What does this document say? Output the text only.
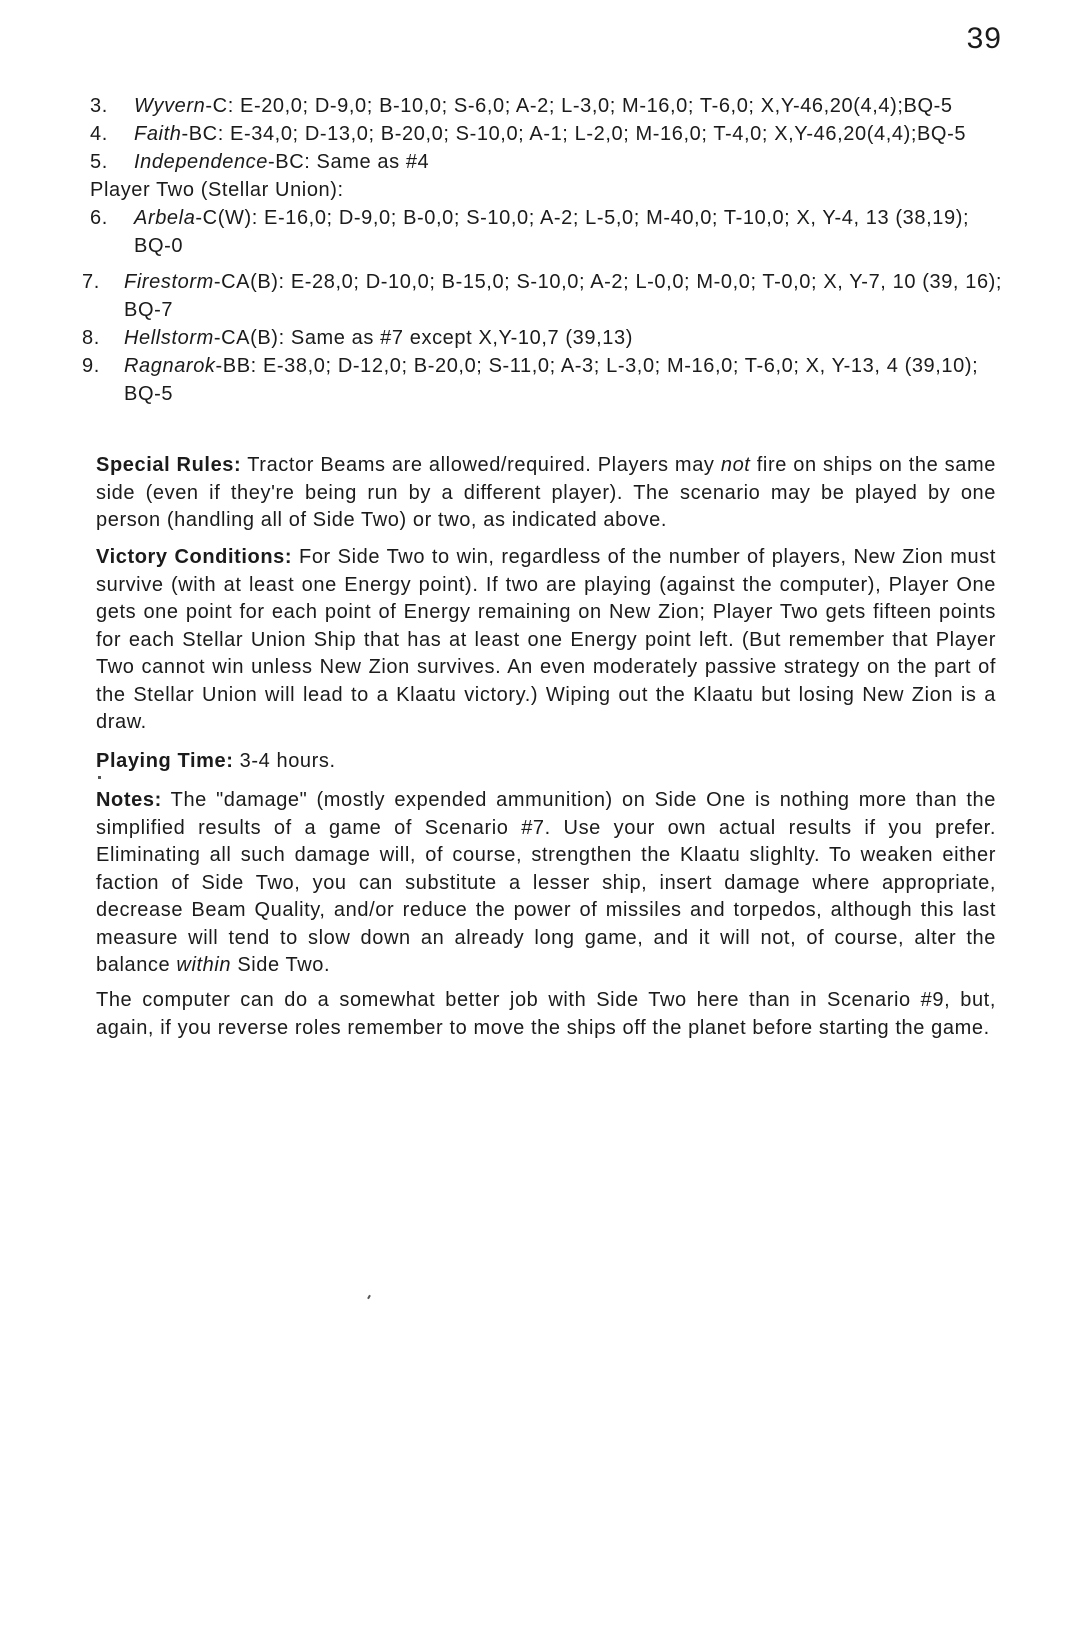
39
3.	Wyvern-C: E-20,0; D-9,0; B-10,0; S-6,0; A-2; L-3,0; M-16,0; T-6,0; X,Y-46,20(4,4);BQ-5
4.	Faith-BC: E-34,0; D-13,0; B-20,0; S-10,0; A-1; L-2,0; M-16,0; T-4,0; X,Y-46,20(4,4);BQ-5
5.	Independence-BC: Same as #4

Player Two (Stellar Union):

6.	Arbela-C(W): E-16,0; D-9,0; B-0,0; S-10,0; A-2; L-5,0; M-40,0; T-10,0; X, Y-4, 13 (38,19); BQ-0
7.	Firestorm-CA(B): E-28,0; D-10,0; B-15,0; S-10,0; A-2; L-0,0; M-0,0; T-0,0; X, Y-7, 10 (39, 16); BQ-7
8.	Hellstorm-CA(B): Same as #7 except X,Y-10,7 (39,13)
9.	Ragnarok-BB: E-38,0; D-12,0; B-20,0; S-11,0; A-3; L-3,0; M-16,0; T-6,0; X, Y-13, 4 (39,10); BQ-5

Special Rules: Tractor Beams are allowed/required. Players may not fire on ships on the same side (even if they're being run by a different player). The scenario may be played by one person (handling all of Side Two) or two, as indicated above.

Victory Conditions: For Side Two to win, regardless of the number of players, New Zion must survive (with at least one Energy point). If two are playing (against the computer), Player One gets one point for each point of Energy remaining on New Zion; Player Two gets fifteen points for each Stellar Union Ship that has at least one Energy point left. (But remember that Player Two cannot win unless New Zion survives. An even moderately passive strategy on the part of the Stellar Union will lead to a Klaatu victory.) Wiping out the Klaatu but losing New Zion is a draw.

Playing Time: 3-4 hours.

Notes: The "damage" (mostly expended ammunition) on Side One is nothing more than the simplified results of a game of Scenario #7. Use your own actual results if you prefer. Eliminating all such damage will, of course, strengthen the Klaatu slighlty. To weaken either faction of Side Two, you can substitute a lesser ship, insert damage where appropriate, decrease Beam Quality, and/or reduce the power of missiles and torpedos, although this last measure will tend to slow down an already long game, and it will not, of course, alter the balance within Side Two.

The computer can do a somewhat better job with Side Two here than in Scenario #9, but, again, if you reverse roles remember to move the ships off the planet before starting the game.
